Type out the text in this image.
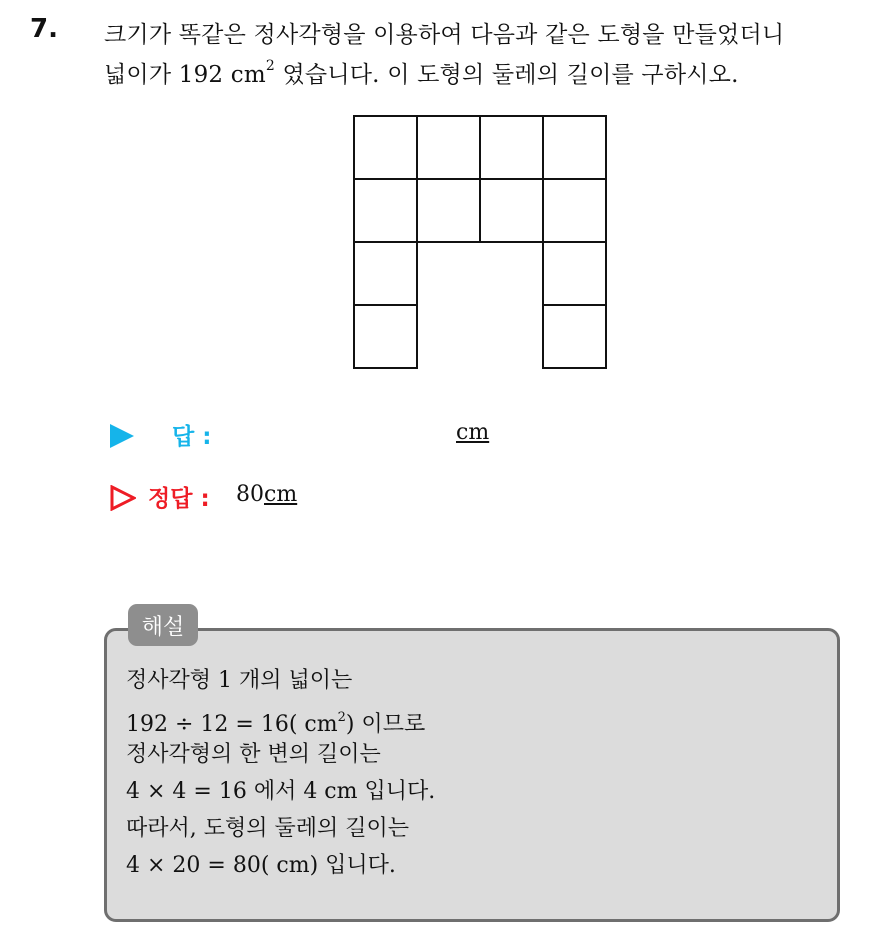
7. 크기가 똑같은 정사각형을 이용하여 다음과 같은 도형을 만들었더니
넓이가 192 $cm^2$ 였습니다. 이 도형의 둘레의 길이를 구하시오.
답 :	cm
정답 : 80 cm
해설
정사각형 1 개의 넓이는
192 ÷ 12 = 16( $cm^2$) 이므로
정사각형의 한 변의 길이는
4 × 4 = 16 에서 4 cm 입니다.
따라서, 도형의 둘레의 길이는
4 × 20 = 80( cm) 입니다.
